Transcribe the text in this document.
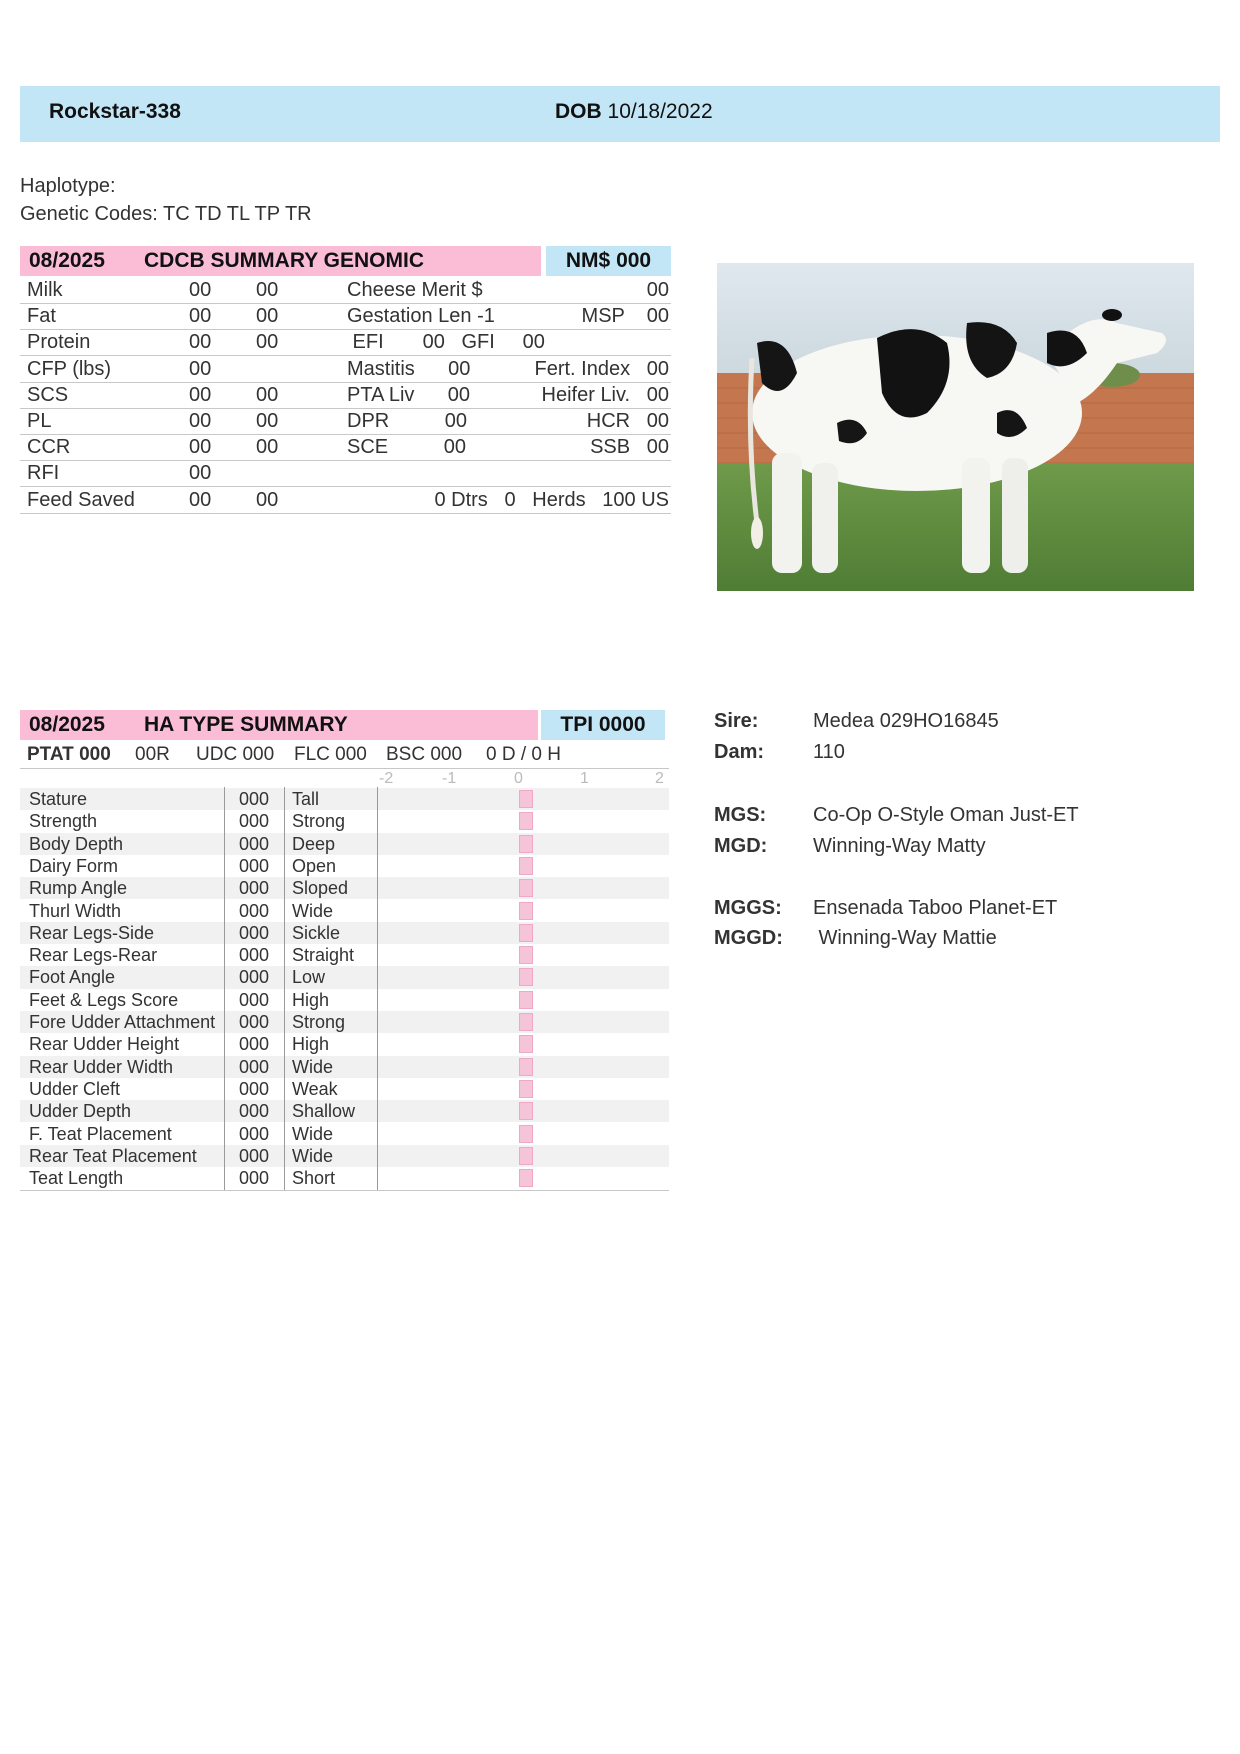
Rockstar-338	DOB 10/18/2022
Haplotype:
Genetic Codes: TC TD TL TP TR
08/2025	CDCB SUMMARY GENOMIC	NM$ 000
Milk	00 00	Cheese Merit $	00
Fat	00 00	Gestation Len -1	MSP    00
Protein	00 00	EFI       00   GFI     00
CFP (lbs)	00	Mastitis      00	Fert. Index   00
SCS	00 00	PTA Liv      00	Heifer Liv.   00
PL	00 00	DPR          00	HCR   00
CCR	00 00	SCE          00	SSB   00
RFI	00
Feed Saved	00 00	0 Dtrs   0   Herds   100 US
08/2025	HA TYPE SUMMARY	TPI 0000
PTAT 000 00R UDC 000 FLC 000 BSC 000 0 D / 0 H
-2	-1	0	1	2
Stature	000 Tall
Strength	000 Strong
Body Depth	000 Deep
Dairy Form	000 Open
Rump Angle	000 Sloped
Thurl Width	000 Wide
Rear Legs-Side	000 Sickle
Rear Legs-Rear	000 Straight
Foot Angle	000 Low
Feet & Legs Score	000 High
Fore Udder Attachment 000 Strong
Rear Udder Height	000 High
Rear Udder Width	000 Wide
Udder Cleft	000 Weak
Udder Depth	000 Shallow
F. Teat Placement	000 Wide
Rear Teat Placement 000 Wide
Teat Length	000 Short
Sire:	Medea 029HO16845
Dam: 110
MGS: Co-Op O-Style Oman Just-ET
MGD: Winning-Way Matty
MGGS: Ensenada Taboo Planet-ET
MGGD: Winning-Way Mattie
